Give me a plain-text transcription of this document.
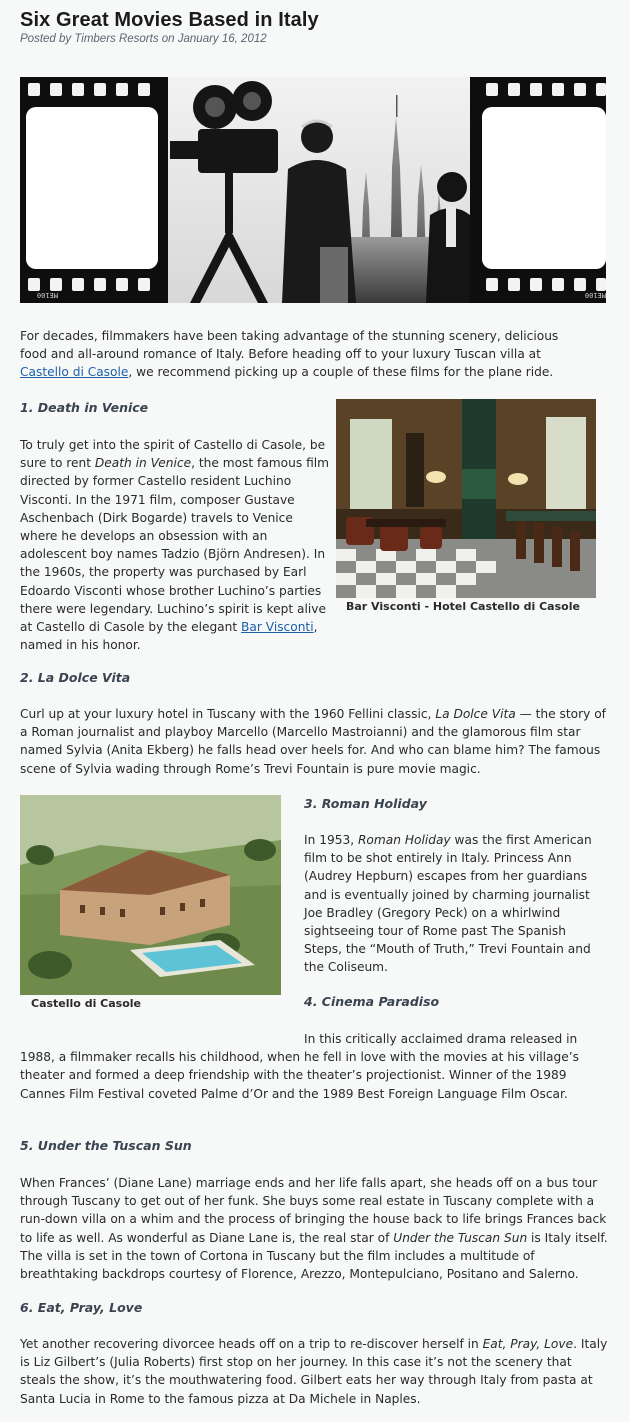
Six Great Movies Based in Italy
Posted by Timbers Resorts on January 16, 2012
ME100	ME100

For decades, filmmakers have been taking advantage of the stunning scenery, delicious food and all-around romance of Italy. Before heading off to your luxury Tuscan villa at Castello di Casole, we recommend picking up a couple of these films for the plane ride.

1. Death in Venice

To truly get into the spirit of Castello di Casole, be sure to rent Death in Venice, the most famous film directed by former Castello resident Luchino Visconti. In the 1971 film, composer Gustave Aschenbach (Dirk Bogarde) travels to Venice where he develops an obsession with an adolescent boy names Tadzio (Björn Andresen). In the 1960s, the property was purchased by Earl Edoardo Visconti whose brother Luchino’s parties there were legendary. Luchino’s spirit is kept alive at Castello di Casole by the elegant Bar Visconti, named in his honor.

Bar Visconti - Hotel Castello di Casole
2. La Dolce Vita

Curl up at your luxury hotel in Tuscany with the 1960 Fellini classic, La Dolce Vita — the story of a Roman journalist and playboy Marcello (Marcello Mastroianni) and the glamorous film star named Sylvia (Anita Ekberg) he falls head over heels for. And who can blame him? The famous scene of Sylvia wading through Rome’s Trevi Fountain is pure movie magic.

Castello di Casole
3. Roman Holiday

In 1953, Roman Holiday was the first American film to be shot entirely in Italy. Princess Ann (Audrey Hepburn) escapes from her guardians and is eventually joined by charming journalist Joe Bradley (Gregory Peck) on a whirlwind sightseeing tour of Rome past The Spanish Steps, the “Mouth of Truth,” Trevi Fountain and the Coliseum.

4. Cinema Paradiso

In this critically acclaimed drama released in 1988, a filmmaker recalls his childhood, when he fell in love with the movies at his village’s theater and formed a deep friendship with the theater’s projectionist. Winner of the 1989 Cannes Film Festival coveted Palme d’Or and the 1989 Best Foreign Language Film Oscar.

5. Under the Tuscan Sun

When Frances’ (Diane Lane) marriage ends and her life falls apart, she heads off on a bus tour through Tuscany to get out of her funk. She buys some real estate in Tuscany complete with a run-down villa on a whim and the process of bringing the house back to life brings Frances back to life as well. As wonderful as Diane Lane is, the real star of Under the Tuscan Sun is Italy itself. The villa is set in the town of Cortona in Tuscany but the film includes a multitude of breathtaking backdrops courtesy of Florence, Arezzo, Montepulciano, Positano and Salerno.

6. Eat, Pray, Love

Yet another recovering divorcee heads off on a trip to re-discover herself in Eat, Pray, Love. Italy is Liz Gilbert’s (Julia Roberts) first stop on her journey. In this case it’s not the scenery that steals the show, it’s the mouthwatering food. Gilbert eats her way through Italy from pasta at Santa Lucia in Rome to the famous pizza at Da Michele in Naples.
